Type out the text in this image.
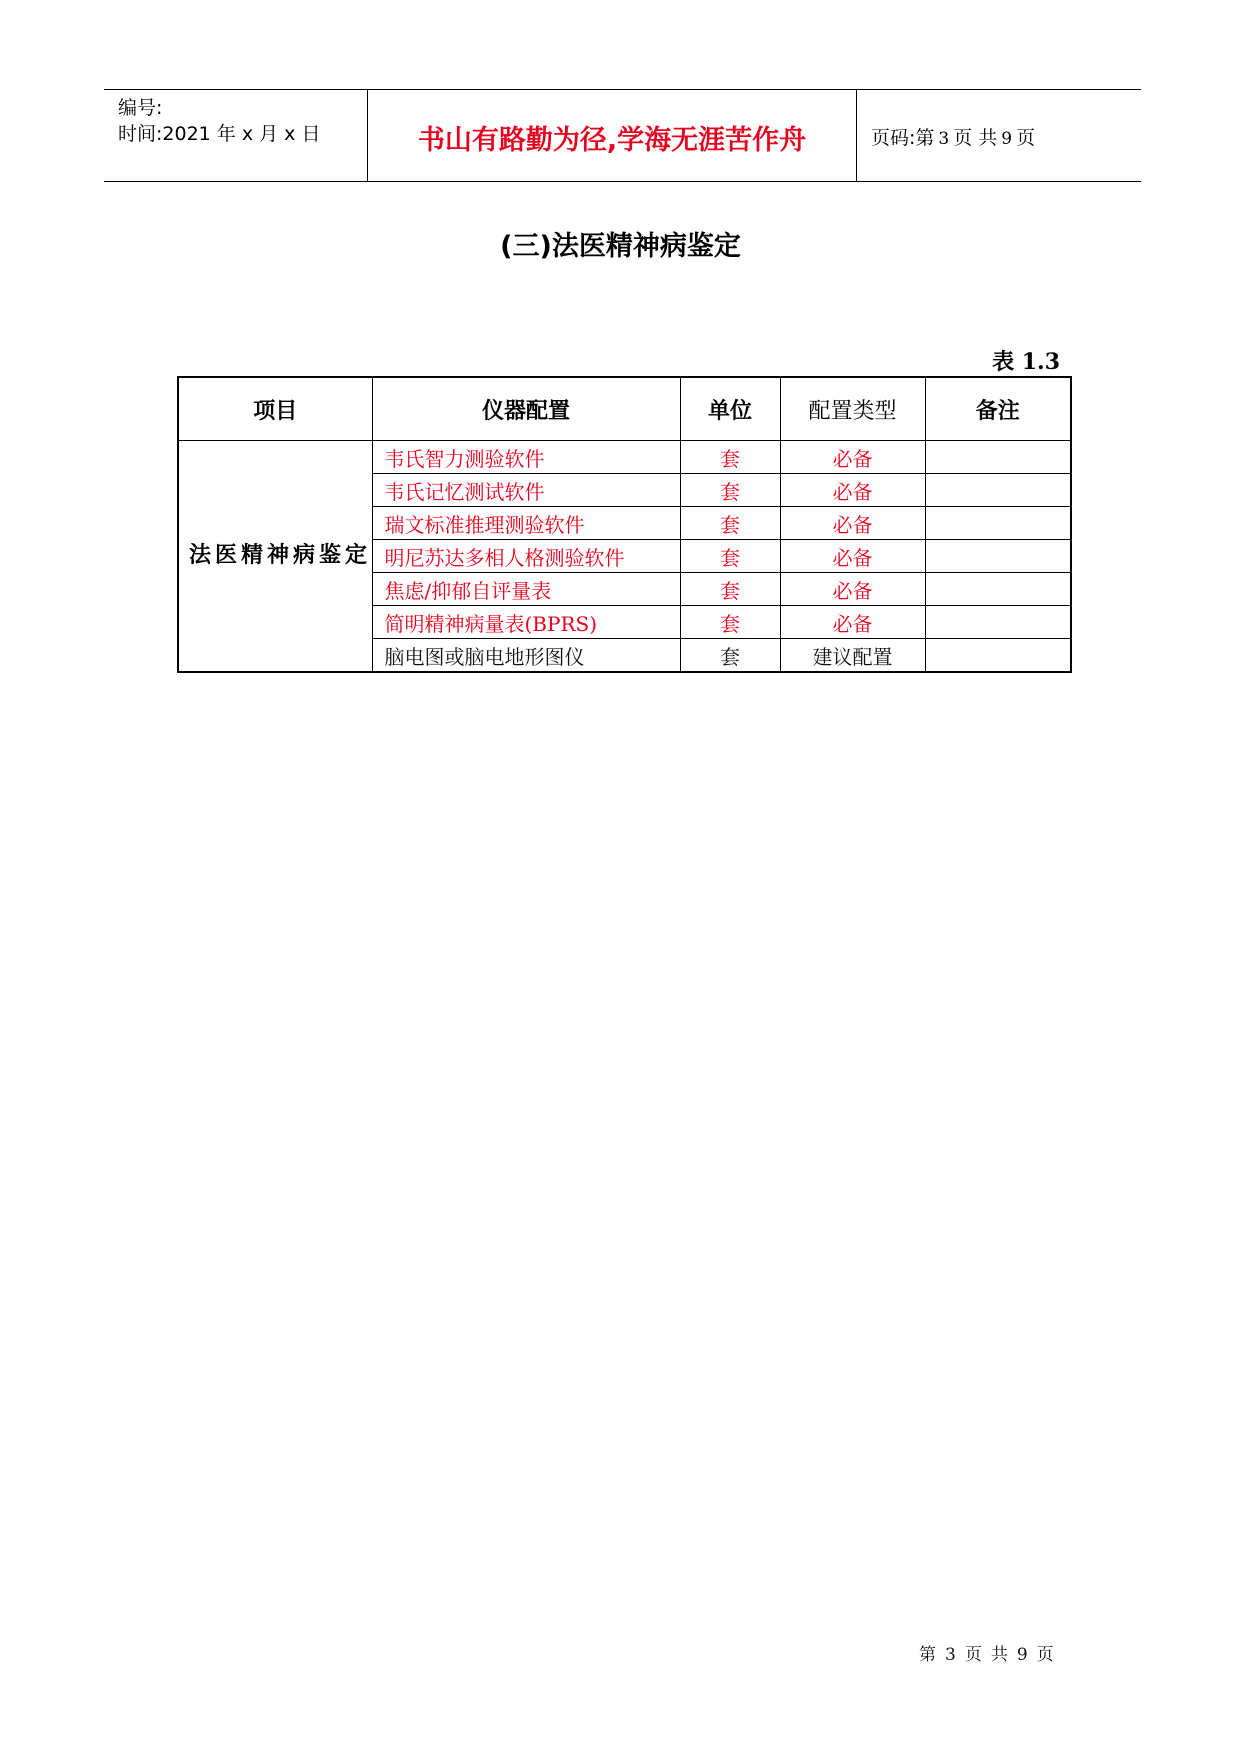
编号:
时间:2021 年 x 月 x 日	书山有路勤为径,学海无涯苦作舟	页码:第 3 页 共 9 页
(三)法医精神病鉴定
表 1.3
项目	仪器配置	单位	配置类型	备注
法医精神病鉴定	韦氏智力测验软件	套	必备	
	韦氏记忆测试软件	套	必备	
	瑞文标准推理测验软件	套	必备	
	明尼苏达多相人格测验软件	套	必备	
	焦虑/抑郁自评量表	套	必备	
	简明精神病量表(BPRS)	套	必备	
	脑电图或脑电地形图仪	套	建议配置	
第 3 页 共 9 页
